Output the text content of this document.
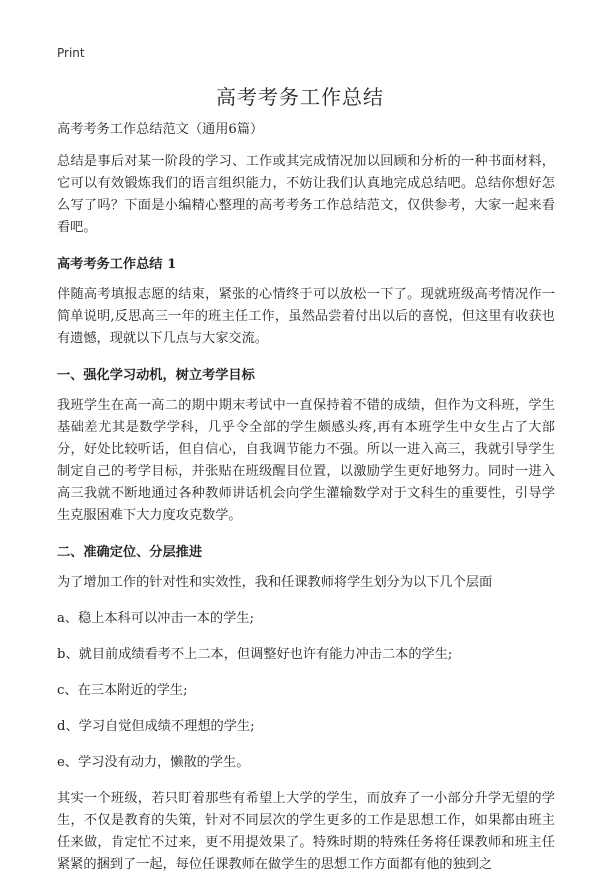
Print
高考考务工作总结

高考考务工作总结范文（通用6篇）

总结是事后对某一阶段的学习、工作或其完成情况加以回顾和分析的一种书面材料，它可以有效锻炼我们的语言组织能力，不妨让我们认真地完成总结吧。总结你想好怎么写了吗？下面是小编精心整理的高考考务工作总结范文，仅供参考，大家一起来看看吧。

高考考务工作总结 1

伴随高考填报志愿的结束，紧张的心情终于可以放松一下了。现就班级高考情况作一简单说明,反思高三一年的班主任工作，虽然品尝着付出以后的喜悦，但这里有收获也有遗憾，现就以下几点与大家交流。

一、强化学习动机，树立考学目标

我班学生在高一高二的期中期末考试中一直保持着不错的成绩，但作为文科班，学生基础差尤其是数学学科，几乎令全部的学生颇感头疼,再有本班学生中女生占了大部分，好处比较听话，但自信心，自我调节能力不强。所以一进入高三，我就引导学生制定自己的考学目标，并张贴在班级醒目位置，以激励学生更好地努力。同时一进入高三我就不断地通过各种教师讲话机会向学生灌输数学对于文科生的重要性，引导学生克服困难下大力度攻克数学。

二、准确定位、分层推进

为了增加工作的针对性和实效性，我和任课教师将学生划分为以下几个层面

a、稳上本科可以冲击一本的学生;

b、就目前成绩看考不上二本，但调整好也许有能力冲击二本的学生;

c、在三本附近的学生;

d、学习自觉但成绩不理想的学生;

e、学习没有动力，懒散的学生。

其实一个班级，若只盯着那些有希望上大学的学生，而放弃了一小部分升学无望的学生，不仅是教育的失策，针对不同层次的学生更多的工作是思想工作，如果都由班主任来做，肯定忙不过来，更不用提效果了。特殊时期的特殊任务将任课教师和班主任紧紧的捆到了一起，每位任课教师在做学生的思想工作方面都有他的独到之
